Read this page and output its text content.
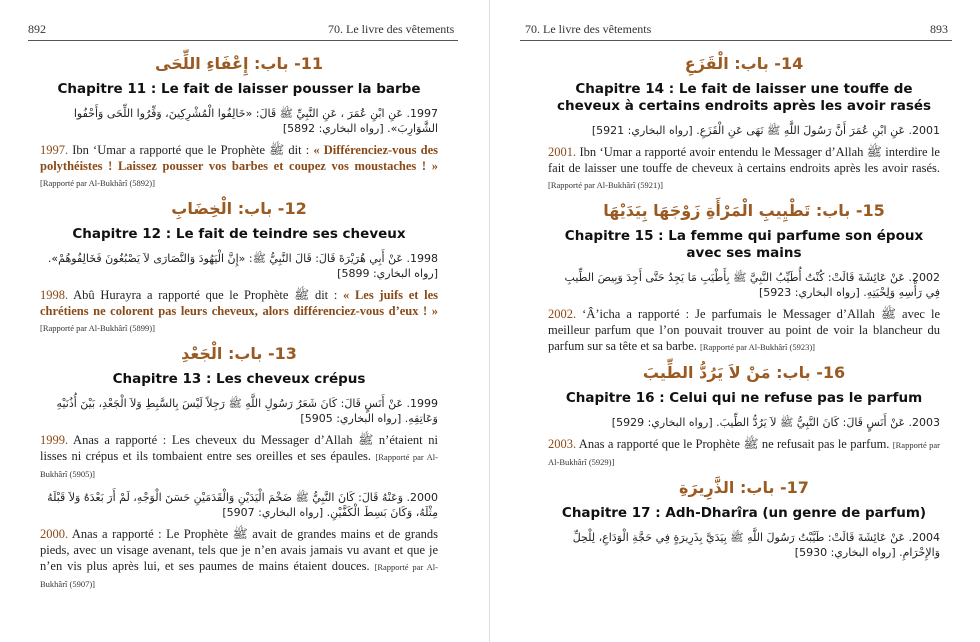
892	70. Le livre des vêtements	70. Le livre des vêtements	893
11- باب: إِعْفَاءِ اللِّحَى
Chapitre 11 : Le fait de laisser pousser la barbe
1997. عَنِ ابْنِ عُمَرَ ، عَنِ النَّبِيِّ ﷺ قَالَ: «خَالِفُوا الْمُشْرِكِينَ، وَفِّرُوا اللِّحَى وَأَحْفُوا الشَّوَارِبَ». [رواه البخاري: 5892]
1997. Ibn ‘Umar a rapporté que le Prophète ﷺ dit : « Différenciez-vous des polythéistes ! Laissez pousser vos barbes et coupez vos moustaches ! » [Rapporté par Al-Bukhârî (5892)]
12- باب: الْخِضَابِ
Chapitre 12 : Le fait de teindre ses cheveux
1998. عَنْ أَبِي هُرَيْرَةَ قَالَ: قَالَ النَّبِيُّ ﷺ: «إِنَّ الْيَهُودَ وَالنَّصَارَى لاَ يَصْبُغُونَ فَخَالِفُوهُمْ». [رواه البخاري: 5899]
1998. Abû Hurayra a rapporté que le Prophète ﷺ dit : « Les juifs et les chrétiens ne colorent pas leurs cheveux, alors différenciez-vous d’eux ! » [Rapporté par Al-Bukhârî (5899)]
13- باب: الْجَعْدِ
Chapitre 13 : Les cheveux crépus
1999. عَنْ أَنَسٍ قَالَ: كَانَ شَعَرُ رَسُولِ اللَّهِ ﷺ رَجِلاً لَيْسَ بِالسَّبِطِ وَلاَ الْجَعْدِ، بَيْنَ أُذُنَيْهِ وَعَاتِقِهِ. [رواه البخاري: 5905]
1999. Anas a rapporté : Les cheveux du Messager d’Allah ﷺ n’étaient ni lisses ni crépus et ils tombaient entre ses oreilles et ses épaules. [Rapporté par Al-Bukhârî (5905)]
2000. وَعَنْهُ قَالَ: كَانَ النَّبِيُّ ﷺ ضَخْمَ الْيَدَيْنِ وَالْقَدَمَيْنِ حَسَنَ الْوَجْهِ، لَمْ أَرَ بَعْدَهُ وَلاَ قَبْلَهُ مِثْلَهُ، وَكَانَ بَسِطَ الْكَفَّيْنِ. [رواه البخاري: 5907]
2000. Anas a rapporté : Le Prophète ﷺ avait de grandes mains et de grands pieds, avec un visage avenant, tels que je n’en avais jamais vu avant et que je n’en vis plus après lui, et ses paumes de mains étaient douces. [Rapporté par Al-Bukhârî (5907)]
14- باب: الْقَزَعِ
Chapitre 14 : Le fait de laisser une touffe de cheveux à certains endroits après les avoir rasés
2001. عَنِ ابْنِ عُمَرَ أَنَّ رَسُولَ اللَّهِ ﷺ نَهَى عَنِ الْقَزَعِ. [رواه البخاري: 5921]
2001. Ibn ‘Umar a rapporté avoir entendu le Messager d’Allah ﷺ interdire le fait de laisser une touffe de cheveux à certains endroits après les avoir rasés. [Rapporté par Al-Bukhârî (5921)]
15- باب: تَطْيِيبِ الْمَرْأَةِ زَوْجَهَا بِيَدَيْهَا
Chapitre 15 : La femme qui parfume son époux avec ses mains
2002. عَنْ عَائِشَةَ قَالَتْ: كُنْتُ أُطَيِّبُ النَّبِيَّ ﷺ بِأَطْيَبِ مَا يَجِدُ حَتَّى أَجِدَ وَبِيصَ الطِّيبِ فِي رَأْسِهِ وَلِحْيَتِهِ. [رواه البخاري: 5923]
2002. ‘Â’icha a rapporté : Je parfumais le Messager d’Allah ﷺ avec le meilleur parfum que l’on pouvait trouver au point de voir la blancheur du parfum sur sa tête et sa barbe. [Rapporté par Al-Bukhârî (5923)]
16- باب: مَنْ لاَ يَرُدُّ الطِّيبَ
Chapitre 16 : Celui qui ne refuse pas le parfum
2003. عَنْ أَنَسٍ قَالَ: كَانَ النَّبِيُّ ﷺ لاَ يَرُدُّ الطِّيبَ. [رواه البخاري: 5929]
2003. Anas a rapporté que le Prophète ﷺ ne refusait pas le parfum. [Rapporté par Al-Bukhârî (5929)]
17- باب: الذَّرِيرَةِ
Chapitre 17 : Adh-Dharîra (un genre de parfum)
2004. عَنْ عَائِشَةَ قَالَتْ: طَيَّبْتُ رَسُولَ اللَّهِ ﷺ بِيَدَيَّ بِذَرِيرَةٍ فِي حَجَّةِ الْوَدَاعِ، لِلْحِلِّ وَالإِحْرَامِ. [رواه البخاري: 5930]
